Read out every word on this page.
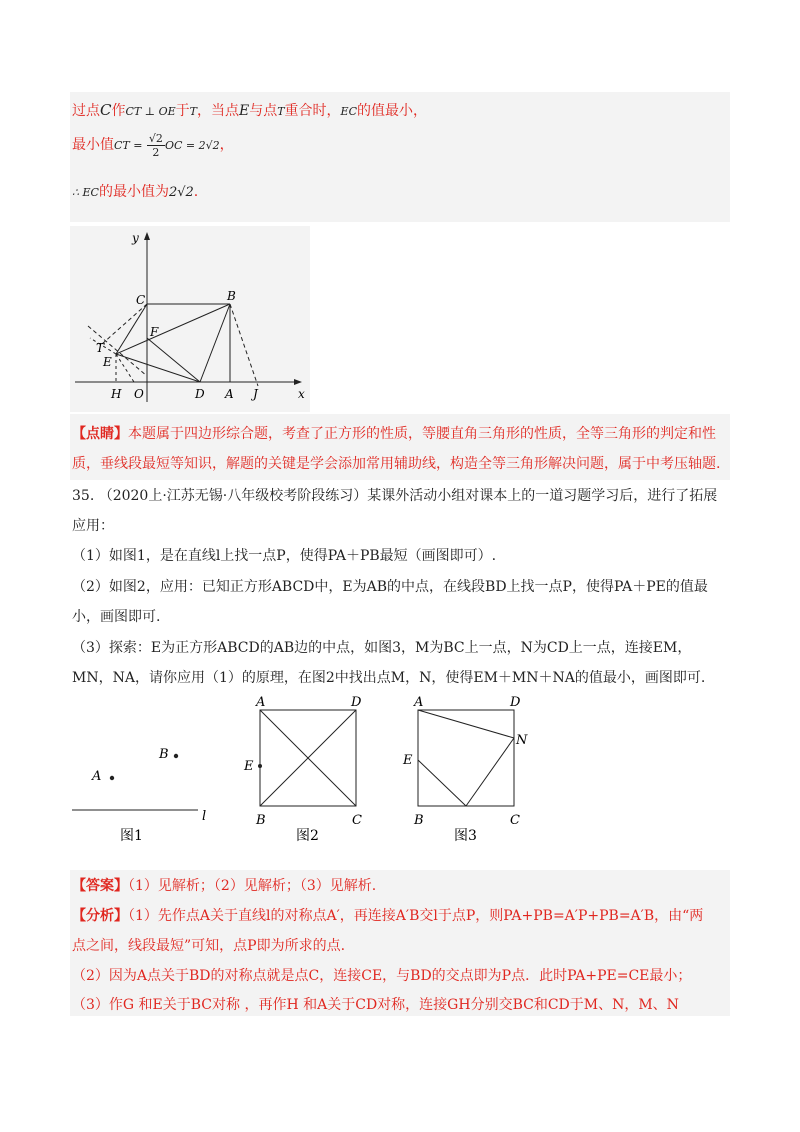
过点C作CT ⊥ OE于T，当点E与点T重合时，EC的值最小，
最小值CT = $\frac{√2}{2}$ OC = 2√2，
∴ EC的最小值为2√2.
y
x
C	B
F
T
E
H O	D A J
【点睛】本题属于四边形综合题，考查了正方形的性质，等腰直角三角形的性质，全等三角形的判定和性
质，垂线段最短等知识，解题的关键是学会添加常用辅助线，构造全等三角形解决问题，属于中考压轴题.
35. （2020上·江苏无锡·八年级校考阶段练习）某课外活动小组对课本上的一道习题学习后，进行了拓展
应用：
（1）如图1，是在直线l上找一点P，使得PA＋PB最短（画图即可）.
（2）如图2，应用：已知正方形ABCD中，E为AB的中点，在线段BD上找一点P，使得PA＋PE的值最
小，画图即可.
（3）探索：E为正方形ABCD的AB边的中点，如图3，M为BC上一点，N为CD上一点，连接EM，
MN，NA，请你应用（1）的原理，在图2中找出点M，N，使得EM＋MN＋NA的值最小，画图即可.
A
B
l
图1
A	D
E
B	C
图2
A	D
N
E
B	C
图3
【答案】（1）见解析；（2）见解析；（3）见解析.
【分析】（1）先作点A关于直线l的对称点A′，再连接A′B交l于点P，则PA+PB=A′P+PB=A′B，由“两
点之间，线段最短”可知，点P即为所求的点.
（2）因为A点关于BD的对称点就是点C，连接CE，与BD的交点即为P点．此时PA+PE=CE最小；
（3）作G 和E关于BC对称 ，再作H 和A关于CD对称，连接GH分别交BC和CD于M、N，M、N
